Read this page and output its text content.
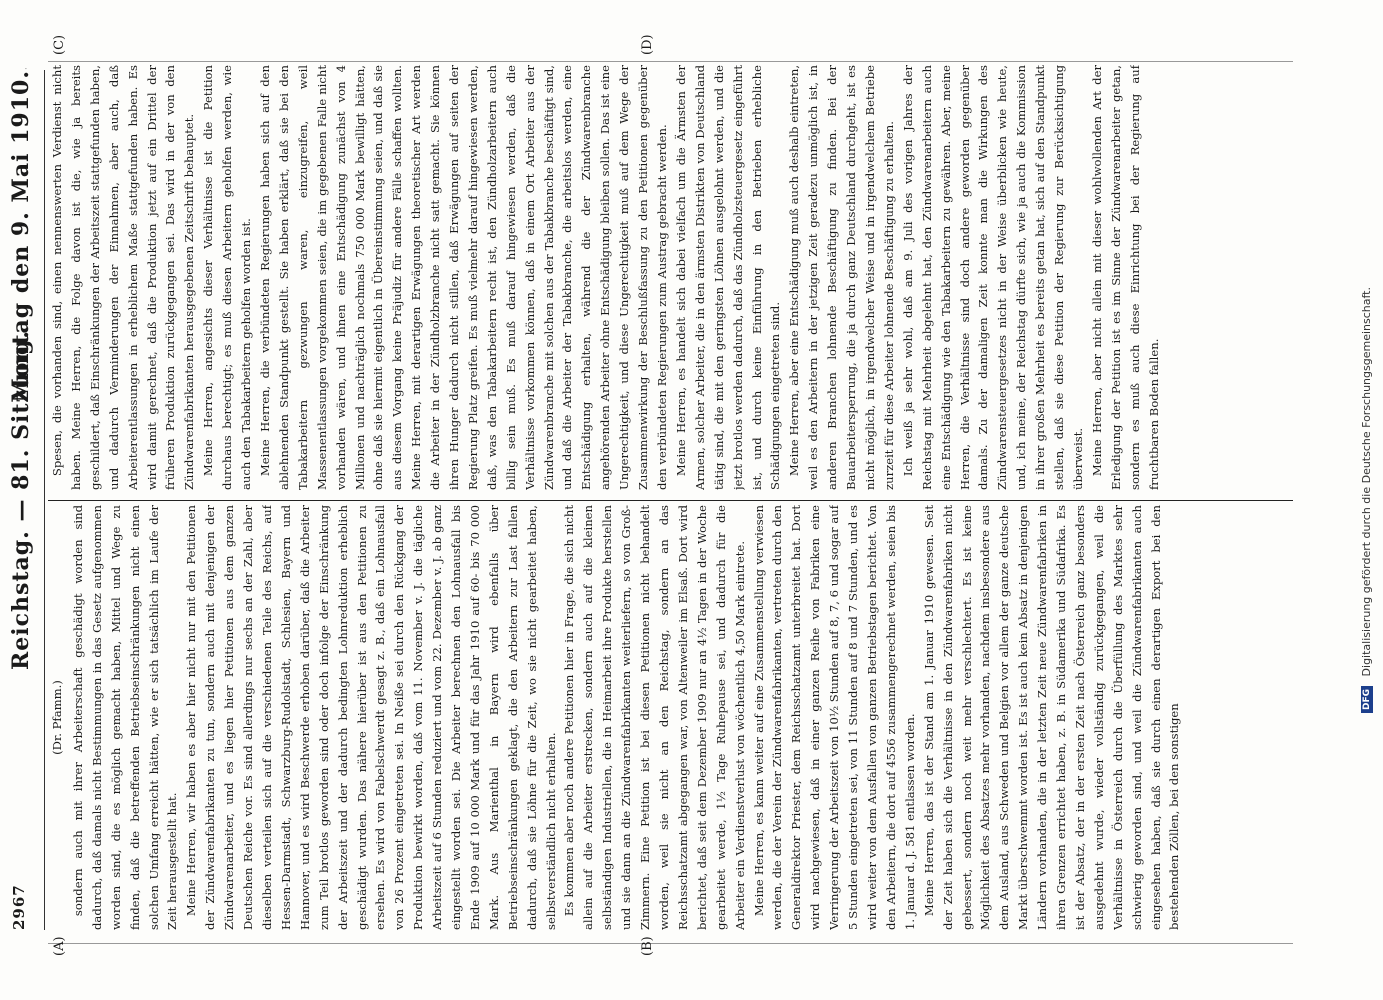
2967
Reichstag. — 81. Sitzung.
Montag den 9. Mai 1910.
·
(A)	(B)
(C)	(D)

(Dr. Pfamm.) sondern auch mit ihrer Arbeiterschaft geschädigt worden sind dadurch, daß damals nicht Bestimmungen in das Gesetz aufgenommen worden sind, die es möglich gemacht haben, Mittel und Wege zu finden, daß die betreffenden Betriebseinschränkungen nicht einen solchen Umfang erreicht hätten, wie er sich tatsächlich im Laufe der Zeit herausgestellt hat. Meine Herren, wir haben es aber hier nicht nur mit den Petitionen der Zündwarenfabrikanten zu tun, sondern auch mit denjenigen der Zündwarenarbeiter, und es liegen hier Petitionen aus dem ganzen Deutschen Reiche vor. Es sind allerdings nur sechs an der Zahl, aber dieselben verteilen sich auf die verschiedenen Teile des Reichs, auf Hessen-Darmstadt, Schwarzburg-Rudolstadt, Schlesien, Bayern und Hannover, und es wird Beschwerde erhoben darüber, daß die Arbeiter zum Teil brotlos geworden sind oder doch infolge der Einschränkung der Arbeitszeit und der dadurch bedingten Lohnreduktion erheblich geschädigt wurden. Das nähere hierüber ist aus den Petitionen zu ersehen. Es wird von Fabelschwerdt gesagt z. B., daß ein Lohnausfall von 26 Prozent eingetreten sei. In Neiße sei durch den Rückgang der Produktion bewirkt worden, daß vom 11. November v. J. die tägliche Arbeitszeit auf 6 Stunden reduziert und vom 22. Dezember v. J. ab ganz eingestellt worden sei. Die Arbeiter berechnen den Lohnausfall bis Ende 1909 auf 10 000 Mark und für das Jahr 1910 auf 60- bis 70 000 Mark. Aus Marienthal in Bayern wird ebenfalls über Betriebseinschränkungen geklagt, die den Arbeitern zur Last fallen dadurch, daß sie Löhne für die Zeit, wo sie nicht gearbeitet haben, selbstverständlich nicht erhalten. Es kommen aber noch andere Petitionen hier in Frage, die sich nicht allein auf die Arbeiter erstrecken, sondern auch auf die kleinen selbständigen Industriellen, die in Heimarbeit ihre Produkte herstellen und sie dann an die Zündwarenfabrikanten weiterliefern, so von Groß-Zimmern. Eine Petition ist bei diesen Petitionen nicht behandelt worden, weil sie nicht an den Reichstag, sondern an das Reichsschatzamt abgegangen war, von Altenweiler im Elsaß. Dort wird berichtet, daß seit dem Dezember 1909 nur an 4½ Tagen in der Woche gearbeitet werde, 1½ Tage Ruhepause sei, und dadurch für die Arbeiter ein Verdienstverlust von wöchentlich 4,50 Mark eintrete. Meine Herren, es kann weiter auf eine Zusammenstellung verwiesen werden, die der Verein der Zündwarenfabrikanten, vertreten durch den Generaldirektor Priester, dem Reichsschatzamt unterbreitet hat. Dort wird nachgewiesen, daß in einer ganzen Reihe von Fabriken eine Verringerung der Arbeitszeit von 10½ Stunden auf 8, 7, 6 und sogar auf 5 Stunden eingetreten sei, von 11 Stunden auf 8 und 7 Stunden, und es wird weiter von dem Ausfallen von ganzen Betriebstagen berichtet. Von den Arbeitern, die dort auf 4556 zusammengerechnet werden, seien bis 1. Januar d. J. 581 entlassen worden. Meine Herren, das ist der Stand am 1. Januar 1910 gewesen. Seit der Zeit haben sich die Verhältnisse in den Zündwarenfabriken nicht gebessert, sondern noch weit mehr verschlechtert. Es ist keine Möglichkeit des Absatzes mehr vorhanden, nachdem insbesondere aus dem Ausland, aus Schweden und Belgien vor allem der ganze deutsche Markt überschwemmt worden ist. Es ist auch kein Absatz in denjenigen Ländern vorhanden, die in der letzten Zeit neue Zündwarenfabriken in ihren Grenzen errichtet haben, z. B. in Südamerika und Südafrika. Es ist der Absatz, der in der ersten Zeit nach Österreich ganz besonders ausgedehnt wurde, wieder vollständig zurückgegangen, weil die Verhältnisse in Österreich durch die Überfüllung des Marktes sehr schwierig geworden sind, und weil die Zündwarenfabrikanten auch eingesehen haben, daß sie durch einen derartigen Export bei den bestehenden Zöllen, bei den sonstigen

Spesen, die vorhanden sind, einen nennenswerten Verdienst nicht haben. Meine Herren, die Folge davon ist die, wie ja bereits geschildert, daß Einschränkungen der Arbeitszeit stattgefunden haben, und dadurch Verminderungen der Einnahmen, aber auch, daß Arbeiterentlassungen in erheblichem Maße stattgefunden haben. Es wird damit gerechnet, daß die Produktion jetzt auf ein Drittel der früheren Produktion zurückgegangen sei. Das wird in der von den Zündwarenfabrikanten herausgegebenen Zeitschrift behauptet. Meine Herren, angesichts dieser Verhältnisse ist die Petition durchaus berechtigt; es muß diesen Arbeitern geholfen werden, wie auch den Tabakarbeitern geholfen worden ist. Meine Herren, die verbündeten Regierungen haben sich auf den ablehnenden Standpunkt gestellt. Sie haben erklärt, daß sie bei den Tabakarbeitern gezwungen waren, einzugreifen, weil Massenentlassungen vorgekommen seien, die im gegebenen Falle nicht vorhanden wären, und ihnen eine Entschädigung zunächst von 4 Millionen und nachträglich nochmals 750 000 Mark bewilligt hätten, ohne daß sie hiermit eigentlich in Übereinstimmung seien, und daß sie aus diesem Vorgang keine Präjudiz für andere Fälle schaffen wollten. Meine Herren, mit derartigen Erwägungen theoretischer Art werden die Arbeiter in der Zündholzbranche nicht satt gemacht. Sie können ihren Hunger dadurch nicht stillen, daß Erwägungen auf seiten der Regierung Platz greifen. Es muß vielmehr darauf hingewiesen werden, daß, was den Tabakarbeitern recht ist, den Zündholzarbeitern auch billig sein muß. Es muß darauf hingewiesen werden, daß die Verhältnisse vorkommen können, daß in einem Ort Arbeiter aus der Zündwarenbranche mit solchen aus der Tabakbranche beschäftigt sind, und daß die Arbeiter der Tabakbranche, die arbeitslos werden, eine Entschädigung erhalten, während die der Zündwarenbranche angehörenden Arbeiter ohne Entschädigung bleiben sollen. Das ist eine Ungerechtigkeit, und diese Ungerechtigkeit muß auf dem Wege der Zusammenwirkung der Beschlußfassung zu den Petitionen gegenüber den verbündeten Regierungen zum Austrag gebracht werden. Meine Herren, es handelt sich dabei vielfach um die Ärmsten der Armen, solcher Arbeiter, die in den ärmsten Distrikten von Deutschland tätig sind, die mit den geringsten Löhnen ausgelohnt werden, und die jetzt brotlos werden dadurch, daß das Zündholzsteuergesetz eingeführt ist, und durch keine Einführung in den Betrieben erhebliche Schädigungen eingetreten sind. Meine Herren, aber eine Entschädigung muß auch deshalb eintreten, weil es den Arbeitern in der jetzigen Zeit geradezu unmöglich ist, in anderen Branchen lohnende Beschäftigung zu finden. Bei der Bauarbeitersperrung, die ja durch ganz Deutschland durchgeht, ist es nicht möglich, in irgendwelcher Weise und in irgendwelchem Betriebe zurzeit für diese Arbeiter lohnende Beschäftigung zu erhalten. Ich weiß ja sehr wohl, daß am 9. Juli des vorigen Jahres der Reichstag mit Mehrheit abgelehnt hat, den Zündwarenarbeitern auch eine Entschädigung wie den Tabakarbeitern zu gewähren. Aber, meine Herren, die Verhältnisse sind doch andere geworden gegenüber damals. Zu der damaligen Zeit konnte man die Wirkungen des Zündwarensteuergesetzes nicht in der Weise überblicken wie heute, und, ich meine, der Reichstag dürfte sich, wie ja auch die Kommission in ihrer großen Mehrheit es bereits getan hat, sich auf den Standpunkt stellen, daß sie diese Petition der Regierung zur Berücksichtigung überweist. Meine Herren, aber nicht allein mit dieser wohlwollenden Art der Erledigung der Petition ist es im Sinne der Zündwarenarbeiter getan, sondern es muß auch diese Einrichtung bei der Regierung auf fruchtbaren Boden fallen.

DFG Digitalisierung gefördert durch die Deutsche Forschungsgemeinschaft.
